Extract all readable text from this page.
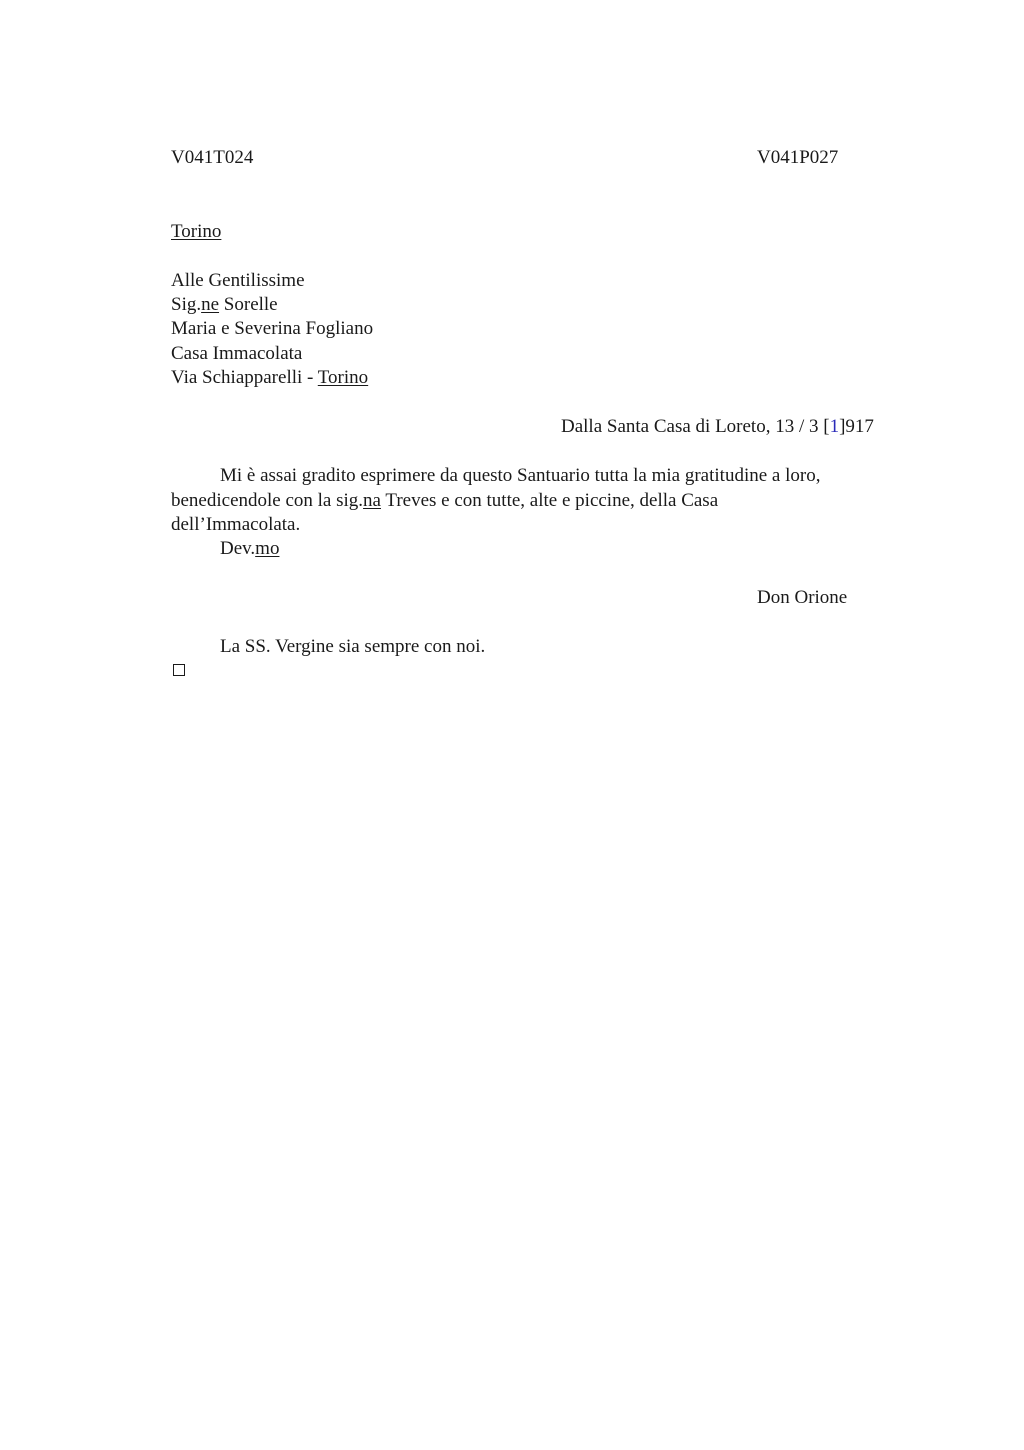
V041T024	V041P027
Torino
Alle Gentilissime
Sig.ne Sorelle
Maria e Severina Fogliano
Casa Immacolata
Via Schiapparelli - Torino
Dalla Santa Casa di Loreto, 13 / 3 [1]917
Mi è assai gradito esprimere da questo Santuario tutta la mia gratitudine a loro,
benedicendole con la sig.na Treves e con tutte, alte e piccine, della Casa
dell’Immacolata.
Dev.mo
Don Orione
La SS. Vergine sia sempre con noi.
